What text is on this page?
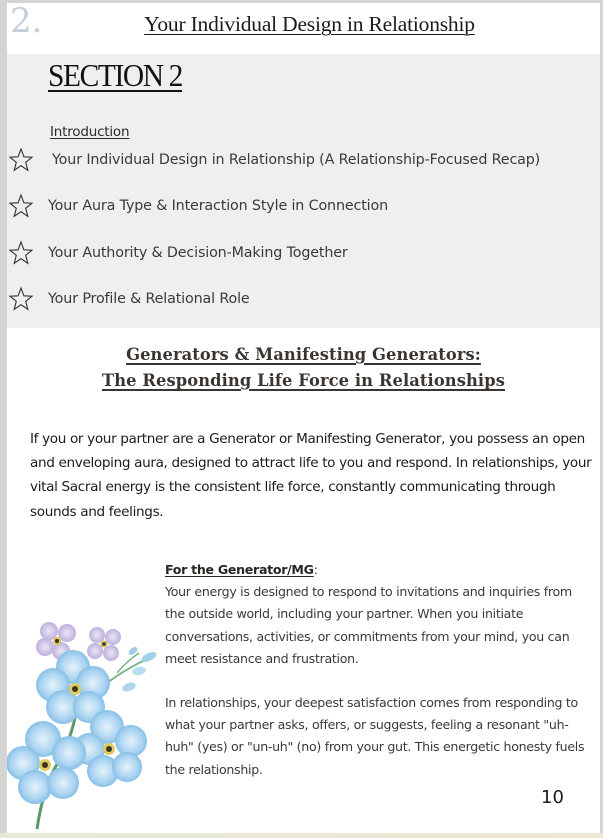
2.	Your Individual Design in Relationship
SECTION 2
Introduction
Your Individual Design in Relationship (A Relationship-Focused Recap)
Your Aura Type & Interaction Style in Connection
Your Authority & Decision-Making Together
Your Profile & Relational Role
Generators & Manifesting Generators:
The Responding Life Force in Relationships
If you or your partner are a Generator or Manifesting Generator, you possess an open and enveloping aura, designed to attract life to you and respond. In relationships, your vital Sacral energy is the consistent life force, constantly communicating through sounds and feelings.

For the Generator/MG:

Your energy is designed to respond to invitations and inquiries from the outside world, including your partner. When you initiate conversations, activities, or commitments from your mind, you can meet resistance and frustration.

In relationships, your deepest satisfaction comes from responding to what your partner asks, offers, or suggests, feeling a resonant "uh-huh" (yes) or "un-uh" (no) from your gut. This energetic honesty fuels the relationship.

10
